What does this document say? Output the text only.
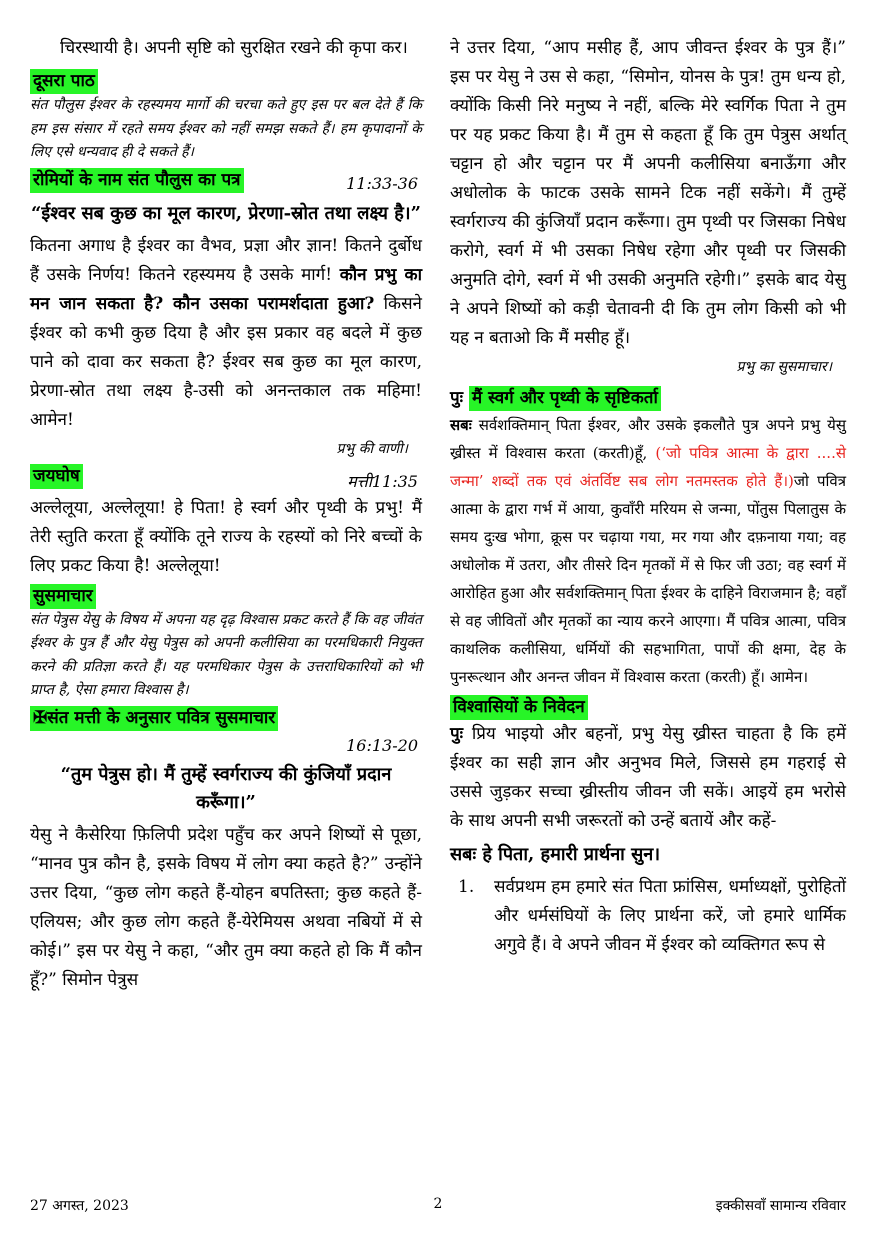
चिरस्थायी है। अपनी सृष्टि को सुरक्षित रखने की कृपा कर।

दूसरा पाठ

संत पौलुस ईश्वर के रहस्यमय मार्गो की चरचा कते हुए इस पर बल देते हैं कि हम इस संसार में रहते समय ईश्वर को नहीं समझ सकते हैं। हम कृपादानों के लिए एसे धन्यवाद ही दे सकते हैं।

रोमियों के नाम संत पौलुस का पत्र	11:33-36

“ईश्वर सब कुछ का मूल कारण, प्रेरणा-स्रोत तथा लक्ष्य है।”

कितना अगाध है ईश्वर का वैभव, प्रज्ञा और ज्ञान! कितने दुर्बोध हैं उसके निर्णय! कितने रहस्यमय है उसके मार्ग! कौन प्रभु का मन जान सकता है? कौन उसका परामर्शदाता हुआ? किसने ईश्वर को कभी कुछ दिया है और इस प्रकार वह बदले में कुछ पाने को दावा कर सकता है? ईश्वर सब कुछ का मूल कारण, प्रेरणा-स्रोत तथा लक्ष्य है-उसी को अनन्तकाल तक महिमा! आमेन!

प्रभु की वाणी।

जयघोष	मत्ती11:35

अल्लेलूया, अल्लेलूया! हे पिता! हे स्वर्ग और पृथ्वी के प्रभु! मैं तेरी स्तुति करता हूँ क्योंकि तूने राज्य के रहस्यों को निरे बच्चों के लिए प्रकट किया है! अल्लेलूया!

सुसमाचार

संत पेत्रुस येसु के विषय में अपना यह दृढ़ विश्वास प्रकट करते हैं कि वह जीवंत ईश्वर के पुत्र हैं और येसु पेत्रुस को अपनी कलीसिया का परमधिकारी नियुक्त करने की प्रतिज्ञा करते हैं। यह परमधिकार पेत्रुस के उत्तराधिकारियों को भी प्राप्त है, ऐसा हमारा विश्वास है।

✠संत मत्ती के अनुसार पवित्र सुसमाचार

16:13-20

“तुम पेत्रुस हो। मैं तुम्हें स्वर्गराज्य की कुंजियाँ प्रदान करूँगा।”

येसु ने कैसेरिया फ़िलिपी प्रदेश पहुँच कर अपने शिष्यों से पूछा, “मानव पुत्र कौन है, इसके विषय में लोग क्या कहते है?” उन्होंने उत्तर दिया, “कुछ लोग कहते हैं-योहन बपतिस्ता; कुछ कहते हैं-एलियस; और कुछ लोग कहते हैं-येरेमियस अथवा नबियों में से कोई।” इस पर येसु ने कहा, “और तुम क्या कहते हो कि मैं कौन हूँ?” सिमोन पेत्रुस

ने उत्तर दिया, “आप मसीह हैं, आप जीवन्त ईश्वर के पुत्र हैं।” इस पर येसु ने उस से कहा, “सिमोन, योनस के पुत्र! तुम धन्य हो, क्योंकि किसी निरे मनुष्य ने नहीं, बल्कि मेरे स्वर्गिक पिता ने तुम पर यह प्रकट किया है। मैं तुम से कहता हूँ कि तुम पेत्रुस अर्थात् चट्टान हो और चट्टान पर मैं अपनी कलीसिया बनाऊँगा और अधोलोक के फाटक उसके सामने टिक नहीं सकेंगे। मैं तुम्हें स्वर्गराज्य की कुंजियाँ प्रदान करूँगा। तुम पृथ्वी पर जिसका निषेध करोगे, स्वर्ग में भी उसका निषेध रहेगा और पृथ्वी पर जिसकी अनुमति दोगे, स्वर्ग में भी उसकी अनुमति रहेगी।” इसके बाद येसु ने अपने शिष्यों को कड़ी चेतावनी दी कि तुम लोग किसी को भी यह न बताओ कि मैं मसीह हूँ।

प्रभु का सुसमाचार।

पुः मैं स्वर्ग और पृथ्वी के सृष्टिकर्ता

सबः सर्वशक्तिमान् पिता ईश्वर, और उसके इकलौते पुत्र अपने प्रभु येसु ख्रीस्त में विश्वास करता (करती)हूँ, (‘जो पवित्र आत्मा के द्वारा ....से जन्मा’ शब्दों तक एवं अंतर्विष्ट सब लोग नतमस्तक होते हैं।)जो पवित्र आत्मा के द्वारा गर्भ में आया, कुवाँरी मरियम से जन्मा, पोंतुस पिलातुस के समय दुःख भोगा, क्रूस पर चढ़ाया गया, मर गया और दफ़नाया गया; वह अधोलोक में उतरा, और तीसरे दिन मृतकों में से फिर जी उठा; वह स्वर्ग में आरोहित हुआ और सर्वशक्तिमान् पिता ईश्वर के दाहिने विराजमान है; वहाँ से वह जीवितों और मृतकों का न्याय करने आएगा। मैं पवित्र आत्मा, पवित्र काथलिक कलीसिया, धर्मियों की सहभागिता, पापों की क्षमा, देह के पुनरूत्थान और अनन्त जीवन में विश्वास करता (करती) हूँ। आमेन।

विश्वासियों के निवेदन

पुः प्रिय भाइयो और बहनों, प्रभु येसु ख्रीस्त चाहता है कि हमें ईश्वर का सही ज्ञान और अनुभव मिले, जिससे हम गहराई से उससे जुड़कर सच्चा ख्रीस्तीय जीवन जी सकें। आइयें हम भरोसे के साथ अपनी सभी जरूरतों को उन्हें बतायें और कहें-

सबः हे पिता, हमारी प्रार्थना सुन।

1.	सर्वप्रथम हम हमारे संत पिता फ्रांसिस, धर्माध्यक्षों, पुरोहितों और धर्मसंघियों के लिए प्रार्थना करें, जो हमारे धार्मिक अगुवे हैं। वे अपने जीवन में ईश्वर को व्यक्तिगत रूप से
27 अगस्त, 2023	2	इक्कीसवाँ सामान्य रविवार
